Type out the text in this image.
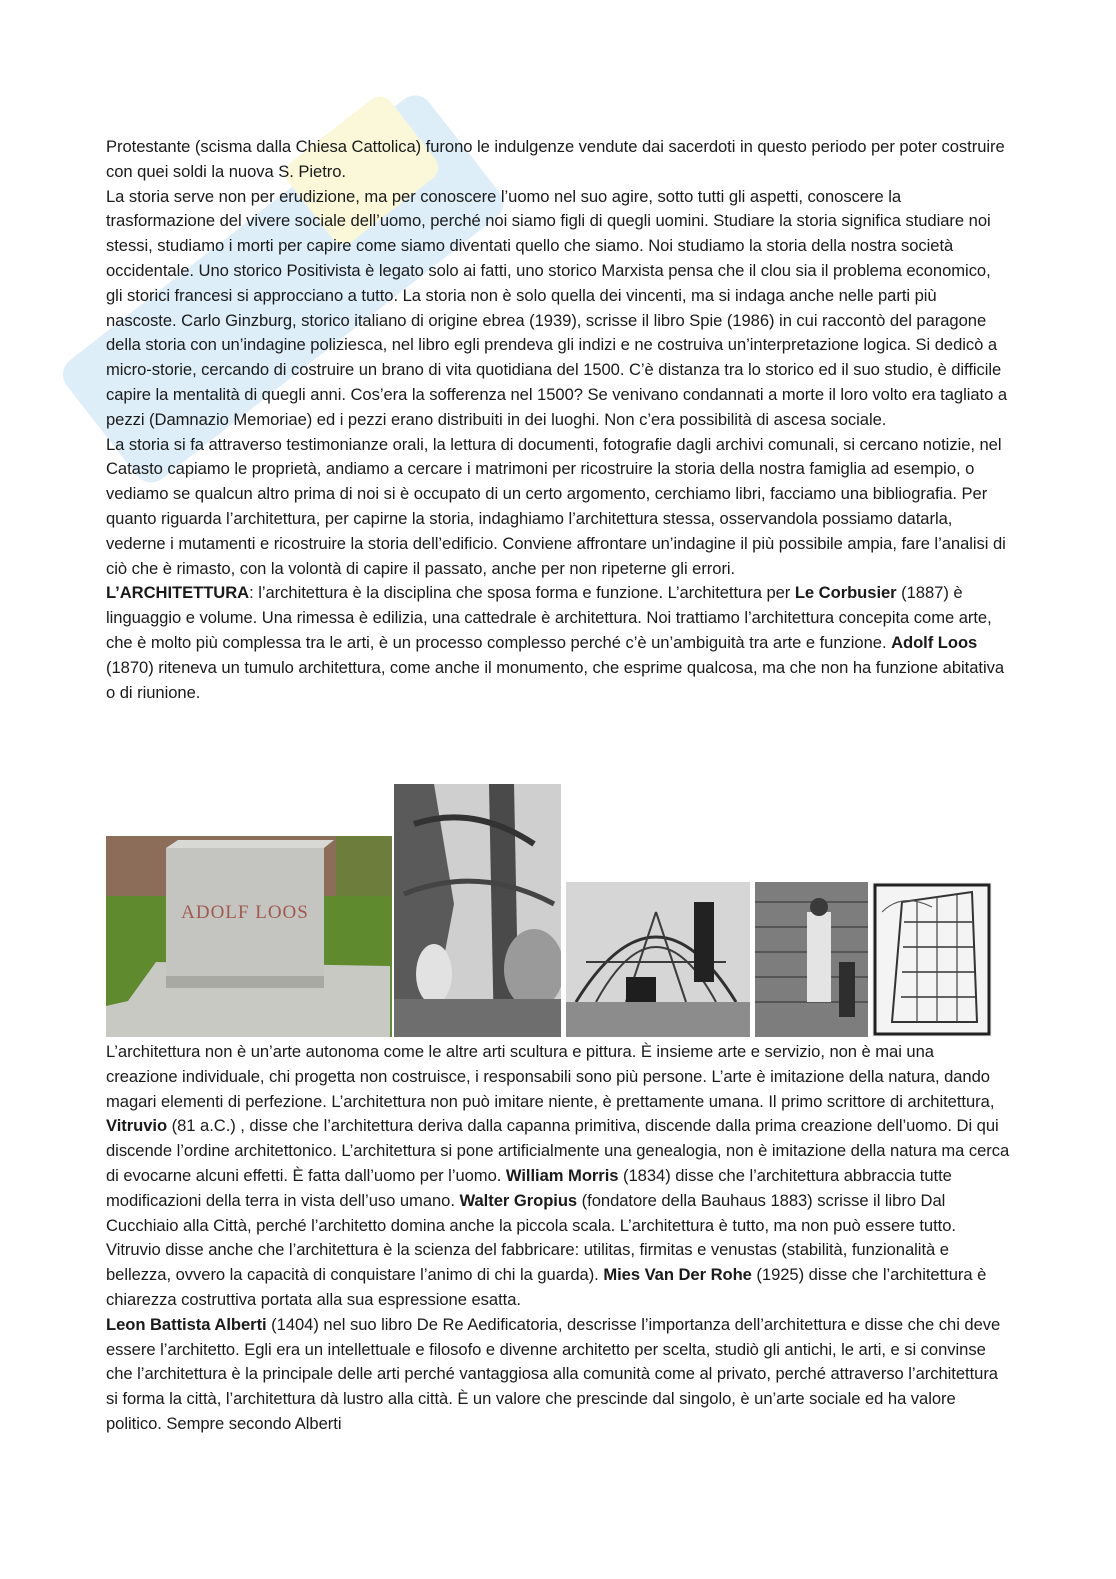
Protestante (scisma dalla Chiesa Cattolica) furono le indulgenze vendute dai sacerdoti in questo periodo per poter costruire con quei soldi la nuova S. Pietro.

La storia serve non per erudizione, ma per conoscere l’uomo nel suo agire, sotto tutti gli aspetti, conoscere la trasformazione del vivere sociale dell’uomo, perché noi siamo figli di quegli uomini. Studiare la storia significa studiare noi stessi, studiamo i morti per capire come siamo diventati quello che siamo. Noi studiamo la storia della nostra società occidentale. Uno storico Positivista è legato solo ai fatti, uno storico Marxista pensa che il clou sia il problema economico, gli storici francesi si approcciano a tutto. La storia non è solo quella dei vincenti, ma si indaga anche nelle parti più nascoste. Carlo Ginzburg, storico italiano di origine ebrea (1939), scrisse il libro Spie (1986) in cui raccontò del paragone della storia con un’indagine poliziesca, nel libro egli prendeva gli indizi e ne costruiva un’interpretazione logica. Si dedicò a micro-storie, cercando di costruire un brano di vita quotidiana del 1500. C’è distanza tra lo storico ed il suo studio, è difficile capire la mentalità di quegli anni. Cos’era la sofferenza nel 1500? Se venivano condannati a morte il loro volto era tagliato a pezzi (Damnazio Memoriae) ed i pezzi erano distribuiti in dei luoghi. Non c’era possibilità di ascesa sociale.

La storia si fa attraverso testimonianze orali, la lettura di documenti, fotografie dagli archivi comunali, si cercano notizie, nel Catasto capiamo le proprietà, andiamo a cercare i matrimoni per ricostruire la storia della nostra famiglia ad esempio, o vediamo se qualcun altro prima di noi si è occupato di un certo argomento, cerchiamo libri, facciamo una bibliografia. Per quanto riguarda l’architettura, per capirne la storia, indaghiamo l’architettura stessa, osservandola possiamo datarla, vederne i mutamenti e ricostruire la storia dell’edificio. Conviene affrontare un’indagine il più possibile ampia, fare l’analisi di ciò che è rimasto, con la volontà di capire il passato, anche per non ripeterne gli errori.

L’ARCHITETTURA: l’architettura è la disciplina che sposa forma e funzione. L’architettura per Le Corbusier (1887) è linguaggio e volume. Una rimessa è edilizia, una cattedrale è architettura. Noi trattiamo l’architettura concepita come arte, che è molto più complessa tra le arti, è un processo complesso perché c’è un’ambiguità tra arte e funzione. Adolf Loos (1870) riteneva un tumulo architettura, come anche il monumento, che esprime qualcosa, ma che non ha funzione abitativa o di riunione.

ADOLF LOOS

L’architettura non è un’arte autonoma come le altre arti scultura e pittura. È insieme arte e servizio, non è mai una creazione individuale, chi progetta non costruisce, i responsabili sono più persone. L’arte è imitazione della natura, dando magari elementi di perfezione. L’architettura non può imitare niente, è prettamente umana. Il primo scrittore di architettura, Vitruvio (81 a.C.) , disse che l’architettura deriva dalla capanna primitiva, discende dalla prima creazione dell’uomo. Di qui discende l’ordine architettonico. L’architettura si pone artificialmente una genealogia, non è imitazione della natura ma cerca di evocarne alcuni effetti. È fatta dall’uomo per l’uomo. William Morris (1834) disse che l’architettura abbraccia tutte modificazioni della terra in vista dell’uso umano. Walter Gropius (fondatore della Bauhaus 1883) scrisse il libro Dal Cucchiaio alla Città, perché l’architetto domina anche la piccola scala. L’architettura è tutto, ma non può essere tutto. Vitruvio disse anche che l’architettura è la scienza del fabbricare: utilitas, firmitas e venustas (stabilità, funzionalità e bellezza, ovvero la capacità di conquistare l’animo di chi la guarda). Mies Van Der Rohe (1925) disse che l’architettura è chiarezza costruttiva portata alla sua espressione esatta.

Leon Battista Alberti (1404) nel suo libro De Re Aedificatoria, descrisse l’importanza dell’architettura e disse che chi deve essere l’architetto. Egli era un intellettuale e filosofo e divenne architetto per scelta, studiò gli antichi, le arti, e si convinse che l’architettura è la principale delle arti perché vantaggiosa alla comunità come al privato, perché attraverso l’architettura si forma la città, l’architettura dà lustro alla città. È un valore che prescinde dal singolo, è un’arte sociale ed ha valore politico. Sempre secondo Alberti
